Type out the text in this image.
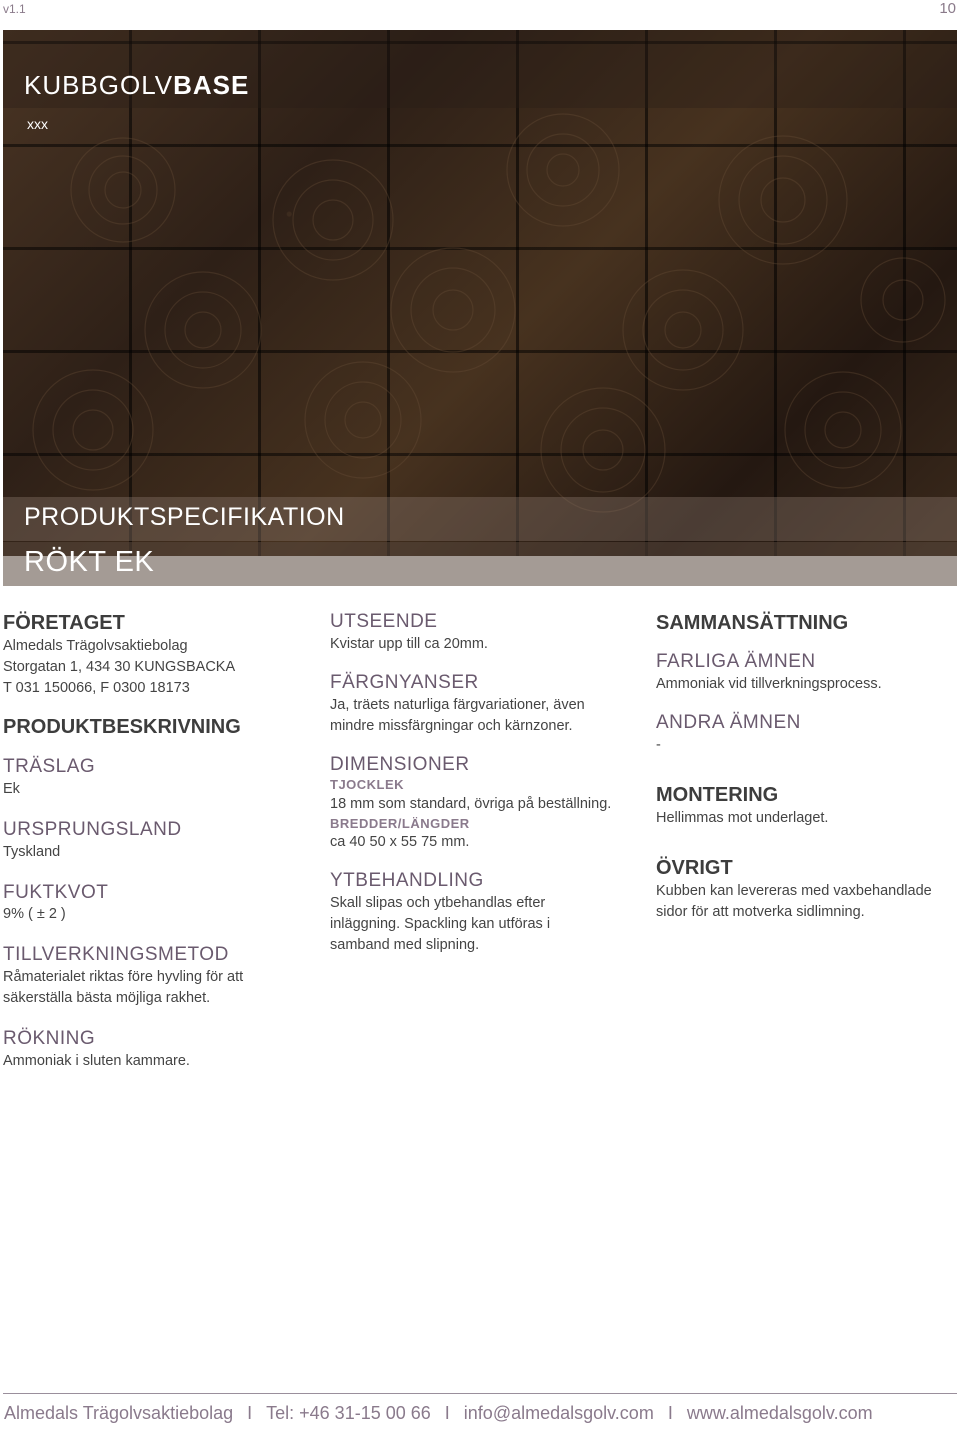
v1.1	10
KUBBGOLVBASE
xxx
PRODUKTSPECIFIKATION
RÖKT EK

FÖRETAGET

Almedals Trägolvsaktiebolag

Storgatan 1, 434 30 KUNGSBACKA

T 031 150066, F 0300 18173

PRODUKTBESKRIVNING

TRÄSLAG

Ek

URSPRUNGSLAND

Tyskland

FUKTKVOT

9% ( ± 2 )

TILLVERKNINGSMETOD

Råmaterialet riktas före hyvling för att

säkerställa bästa möjliga rakhet.

RÖKNING

Ammoniak i sluten kammare.

UTSEENDE

Kvistar upp till ca 20mm.

FÄRGNYANSER

Ja, träets naturliga färgvariationer, även

mindre missfärgningar och kärnzoner.

DIMENSIONER

TJOCKLEK

18 mm som standard, övriga på beställning.

BREDDER/LÄNGDER

ca 40 50 x 55 75 mm.

YTBEHANDLING

Skall slipas och ytbehandlas efter

inläggning. Spackling kan utföras i

samband med slipning.

SAMMANSÄTTNING

FARLIGA ÄMNEN

Ammoniak vid tillverkningsprocess.

ANDRA ÄMNEN

-

MONTERING

Hellimmas mot underlaget.

ÖVRIGT

Kubben kan levereras med vaxbehandlade

sidor för att motverka sidlimning.

Almedals Trägolvsaktiebolag I Tel: +46 31-15 00 66 I info@almedalsgolv.com I www.almedalsgolv.com
